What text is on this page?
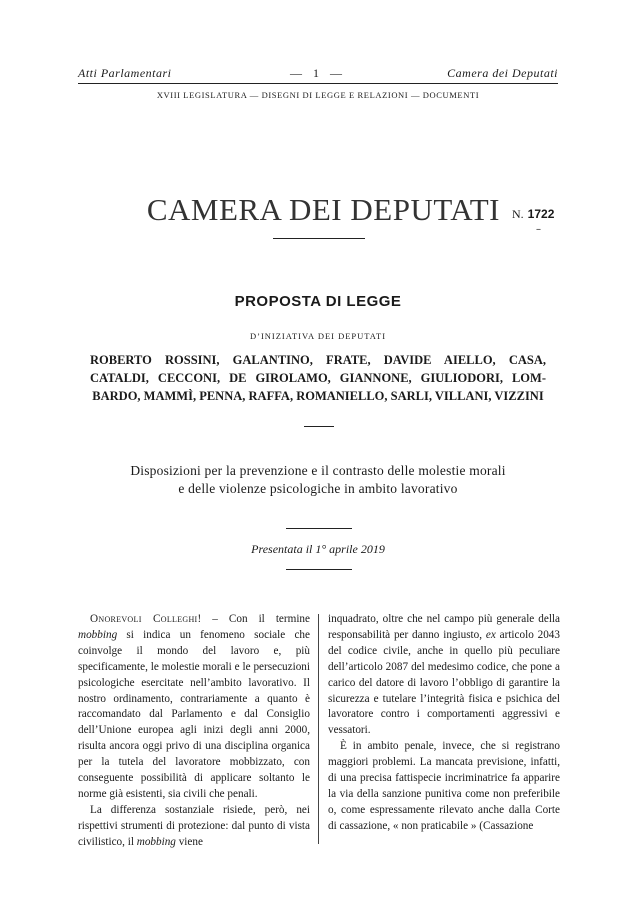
Atti Parlamentari	— 1 —	Camera dei Deputati
XVIII LEGISLATURA — DISEGNI DI LEGGE E RELAZIONI — DOCUMENTI
CAMERA DEI DEPUTATI N. 1722
–
PROPOSTA DI LEGGE
D’INIZIATIVA DEI DEPUTATI
ROBERTO ROSSINI, GALANTINO, FRATE, DAVIDE AIELLO, CASA, CATALDI, CECCONI, DE GIROLAMO, GIANNONE, GIULIODORI, LOM-BARDO, MAMMÌ, PENNA, RAFFA, ROMANIELLO, SARLI, VILLANI, VIZZINI
Disposizioni per la prevenzione e il contrasto delle molestie morali
e delle violenze psicologiche in ambito lavorativo
Presentata il 1° aprile 2019

Onorevoli Colleghi! – Con il termine mobbing si indica un fenomeno sociale che coinvolge il mondo del lavoro e, più specificamente, le molestie morali e le persecuzioni psicologiche esercitate nell’ambito lavorativo. Il nostro ordinamento, contrariamente a quanto è raccomandato dal Parlamento e dal Consiglio dell’Unione europea agli inizi degli anni 2000, risulta ancora oggi privo di una disciplina organica per la tutela del lavoratore mobbizzato, con conseguente possibilità di applicare soltanto le norme già esistenti, sia civili che penali.

La differenza sostanziale risiede, però, nei rispettivi strumenti di protezione: dal punto di vista civilistico, il mobbing viene

inquadrato, oltre che nel campo più generale della responsabilità per danno ingiusto, ex articolo 2043 del codice civile, anche in quello più peculiare dell’articolo 2087 del medesimo codice, che pone a carico del datore di lavoro l’obbligo di garantire la sicurezza e tutelare l’integrità fisica e psichica del lavoratore contro i comportamenti aggressivi e vessatori.

È in ambito penale, invece, che si registrano maggiori problemi. La mancata previsione, infatti, di una precisa fattispecie incriminatrice fa apparire la via della sanzione punitiva come non preferibile o, come espressamente rilevato anche dalla Corte di cassazione, « non praticabile » (Cassazione
